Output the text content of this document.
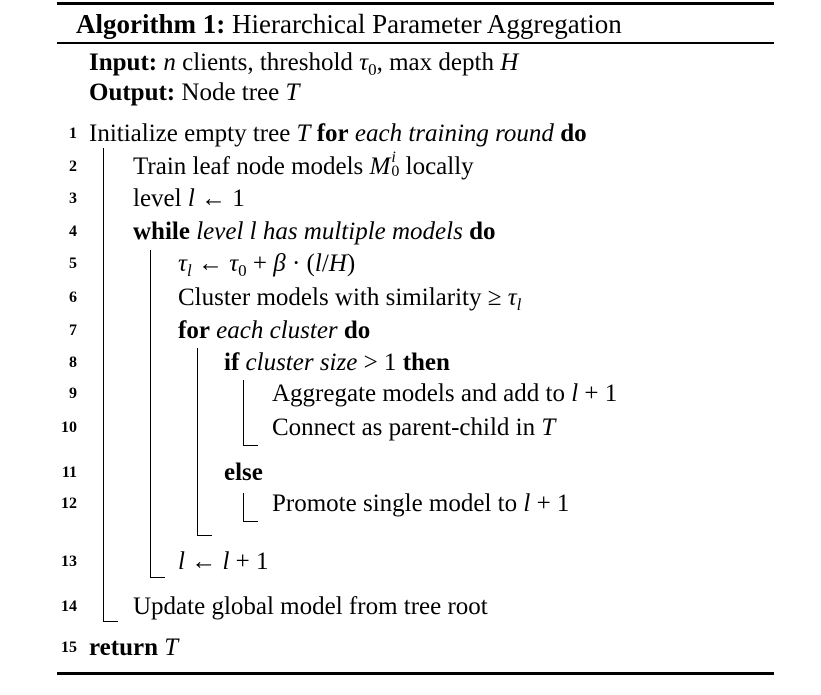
Algorithm 1: Hierarchical Parameter Aggregation
Input: n clients, threshold $\tau_0$, max depth H
Output: Node tree T
1 Initialize empty tree T for each training round do
2 Train leaf node models M i
0 locally
3 level l ← 1
4 while level l has multiple models do
5	$\tau_l$ ← $\tau_0 + \beta \cdot (l/H)$
6	Cluster models with similarity ≥ $\tau_l$
7	for each cluster do
8	if cluster size > 1 then
9	Aggregate models and add to l + 1
10	Connect as parent-child in T
11	else
12	Promote single model to l + 1
13	l ← l + 1
14 Update global model from tree root
15 return T
